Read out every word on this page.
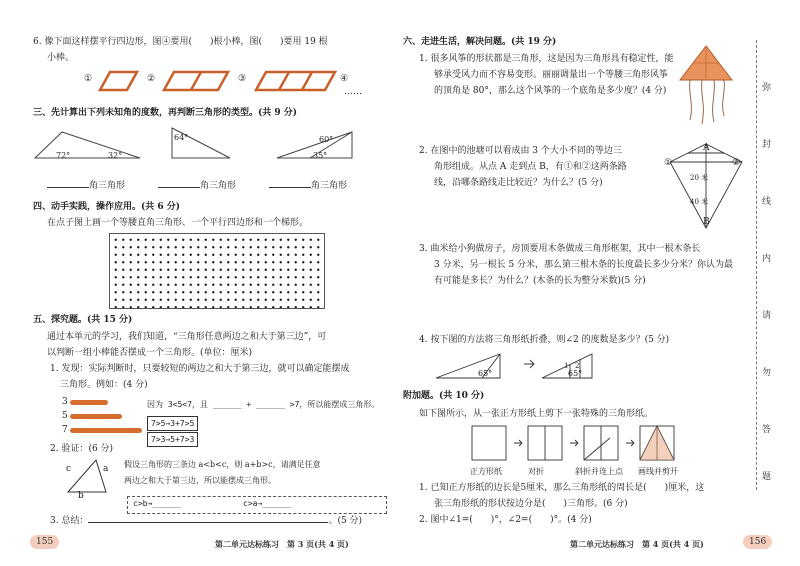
6. 像下面这样摆平行四边形，图④要用(　　)根小棒，图(　　)要用 19 根
小棒。
①	②	③	④
……
三、先计算出下列未知角的度数，再判断三角形的类型。(共 9 分)
72°	32°
64°	60°
35°
角三角形	角三角形	角三角形
四、动手实践，操作应用。(共 6 分)
在点子图上画一个等腰直角三角形、一个平行四边形和一个梯形。
五、探究题。(共 15 分)
通过本单元的学习，我们知道，“三角形任意两边之和大于第三边”，可
以判断一组小棒能否摆成一个三角形。(单位：厘米)
1. 发现：实际判断时，只要较短的两边之和大于第三边，就可以确定能摆成
三角形。例如：(4 分)
3
5
7
因为 3<5<7，且 ______ + ______ >7，所以能摆成三角形。
7>5→3+7>5
7>3→5+7>3
2. 验证：(6 分)
c	a
b
假设三角形的三条边 a<b<c，则 a+b>c，请满足任意
两边之和大于第三边，所以能摆成三角形。
c>b→______	c>a→______
3. 总结：	。(5 分)
155	第二单元达标练习　第 3 页(共 4 页)
六、走进生活，解决问题。(共 19 分)
1. 很多风筝的形状都是三角形，这是因为三角形具有稳定性，能
够承受风力而不容易变形。丽丽调量出一个等腰三角形风筝
的顶角是 80°，那么这个风筝的一个底角是多少度？(4 分)
2. 在图中的池塘可以看成由 3 个大小不同的等边三
角形组成。从点 A 走到点 B，有①和②这两条路
线，沿哪条路线走比较近？为什么？(5 分)
A
B
①	②
20 米
40 米
3. 曲米给小狗做房子，房顶要用木条做成三角形框架，其中一根木条长
3 分米，另一根长 5 分米，那么第三根木条的长度最长多少分米？你认为最
有可能是多长？为什么？(木条的长为整分米数)(5 分)
4. 按下图的方法将三角形纸折叠，则∠2 的度数是多少？(5 分)
65°	65°
1 2
附加题。(共 10 分)
如下图所示，从一张正方形纸上剪下一张特殊的三角形纸。
正方形纸	对折	斜折并连上点 画线并剪开
1. 已知正方形纸的边长是5厘米，那么三角形纸的周长是(　　)厘米，这
张三角形纸的形状按边分是(　　)三角形。(6 分)
2. 图中∠1=(　　)°，∠2=(　　)°。(4 分)
第二单元达标练习　第 4 页(共 4 页)	156
弥
封
线
内
请
勿
答
题
